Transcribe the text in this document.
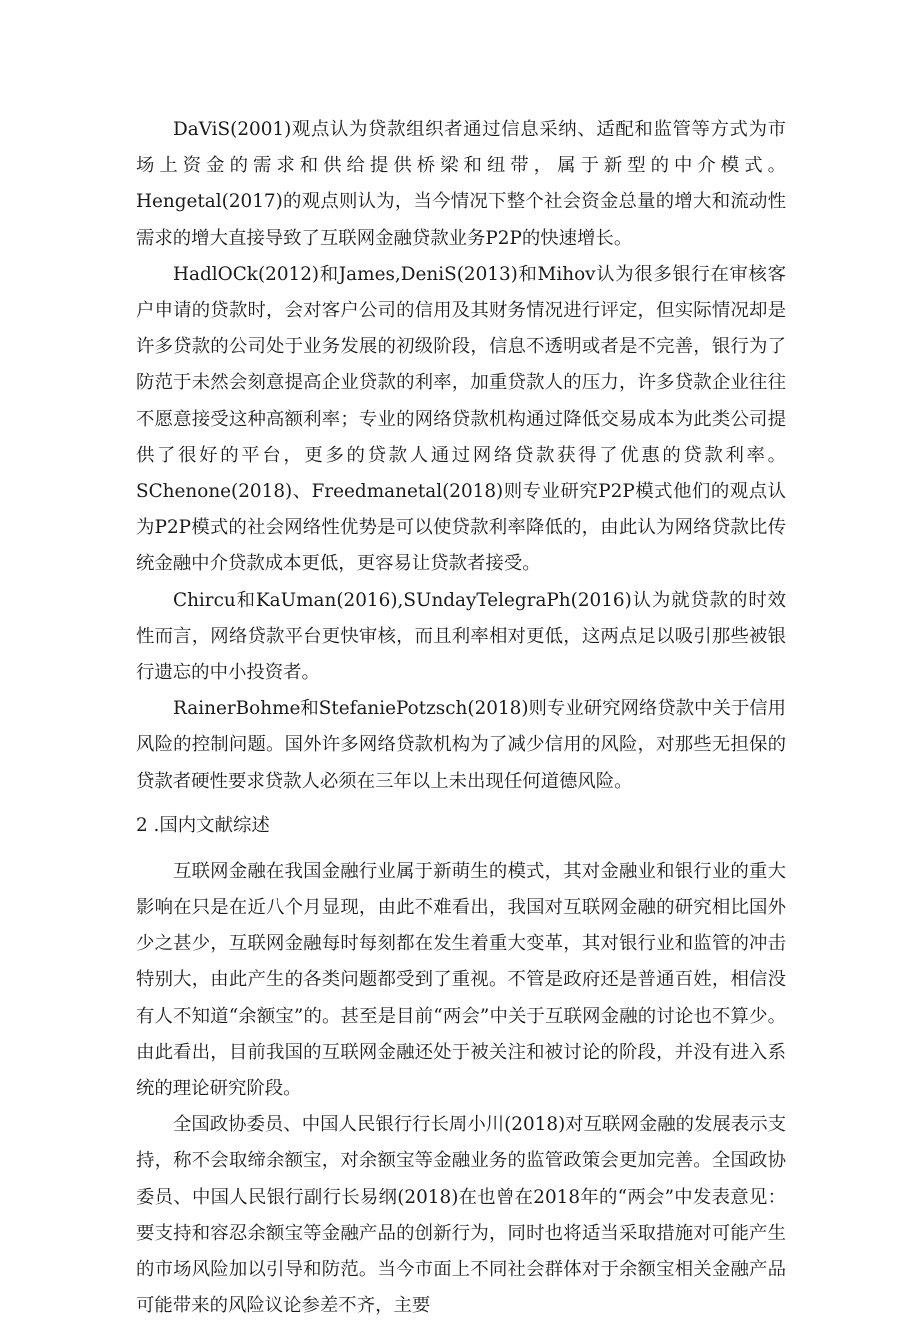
DaViS(2001)观点认为贷款组织者通过信息采纳、适配和监管等方式为市场上资金的需求和供给提供桥梁和纽带，属于新型的中介模式。Hengetal(2017)的观点则认为，当今情况下整个社会资金总量的增大和流动性需求的增大直接导致了互联网金融贷款业务P2P的快速增长。

HadlOCk(2012)和James,DeniS(2013)和Mihov认为很多银行在审核客户申请的贷款时，会对客户公司的信用及其财务情况进行评定，但实际情况却是许多贷款的公司处于业务发展的初级阶段，信息不透明或者是不完善，银行为了防范于未然会刻意提高企业贷款的利率，加重贷款人的压力，许多贷款企业往往不愿意接受这种高额利率；专业的网络贷款机构通过降低交易成本为此类公司提供了很好的平台，更多的贷款人通过网络贷款获得了优惠的贷款利率。SChenone(2018)、Freedmanetal(2018)则专业研究P2P模式他们的观点认为P2P模式的社会网络性优势是可以使贷款利率降低的，由此认为网络贷款比传统金融中介贷款成本更低，更容易让贷款者接受。

Chircu和KaUman(2016),SUndayTelegraPh(2016)认为就贷款的时效性而言，网络贷款平台更快审核，而且利率相对更低，这两点足以吸引那些被银行遗忘的中小投资者。

RainerBohme和StefaniePotzsch(2018)则专业研究网络贷款中关于信用风险的控制问题。国外许多网络贷款机构为了减少信用的风险，对那些无担保的贷款者硬性要求贷款人必须在三年以上未出现任何道德风险。

2 .国内文献综述

互联网金融在我国金融行业属于新萌生的模式，其对金融业和银行业的重大影响在只是在近八个月显现，由此不难看出，我国对互联网金融的研究相比国外少之甚少，互联网金融每时每刻都在发生着重大变革，其对银行业和监管的冲击特别大，由此产生的各类问题都受到了重视。不管是政府还是普通百姓，相信没有人不知道“余额宝”的。甚至是目前“两会”中关于互联网金融的讨论也不算少。由此看出，目前我国的互联网金融还处于被关注和被讨论的阶段，并没有进入系统的理论研究阶段。

全国政协委员、中国人民银行行长周小川(2018)对互联网金融的发展表示支持，称不会取缔余额宝，对余额宝等金融业务的监管政策会更加完善。全国政协委员、中国人民银行副行长易纲(2018)在也曾在2018年的“两会”中发表意见：要支持和容忍余额宝等金融产品的创新行为，同时也将适当采取措施对可能产生的市场风险加以引导和防范。当今市面上不同社会群体对于余额宝相关金融产品可能带来的风险议论参差不齐，主要
